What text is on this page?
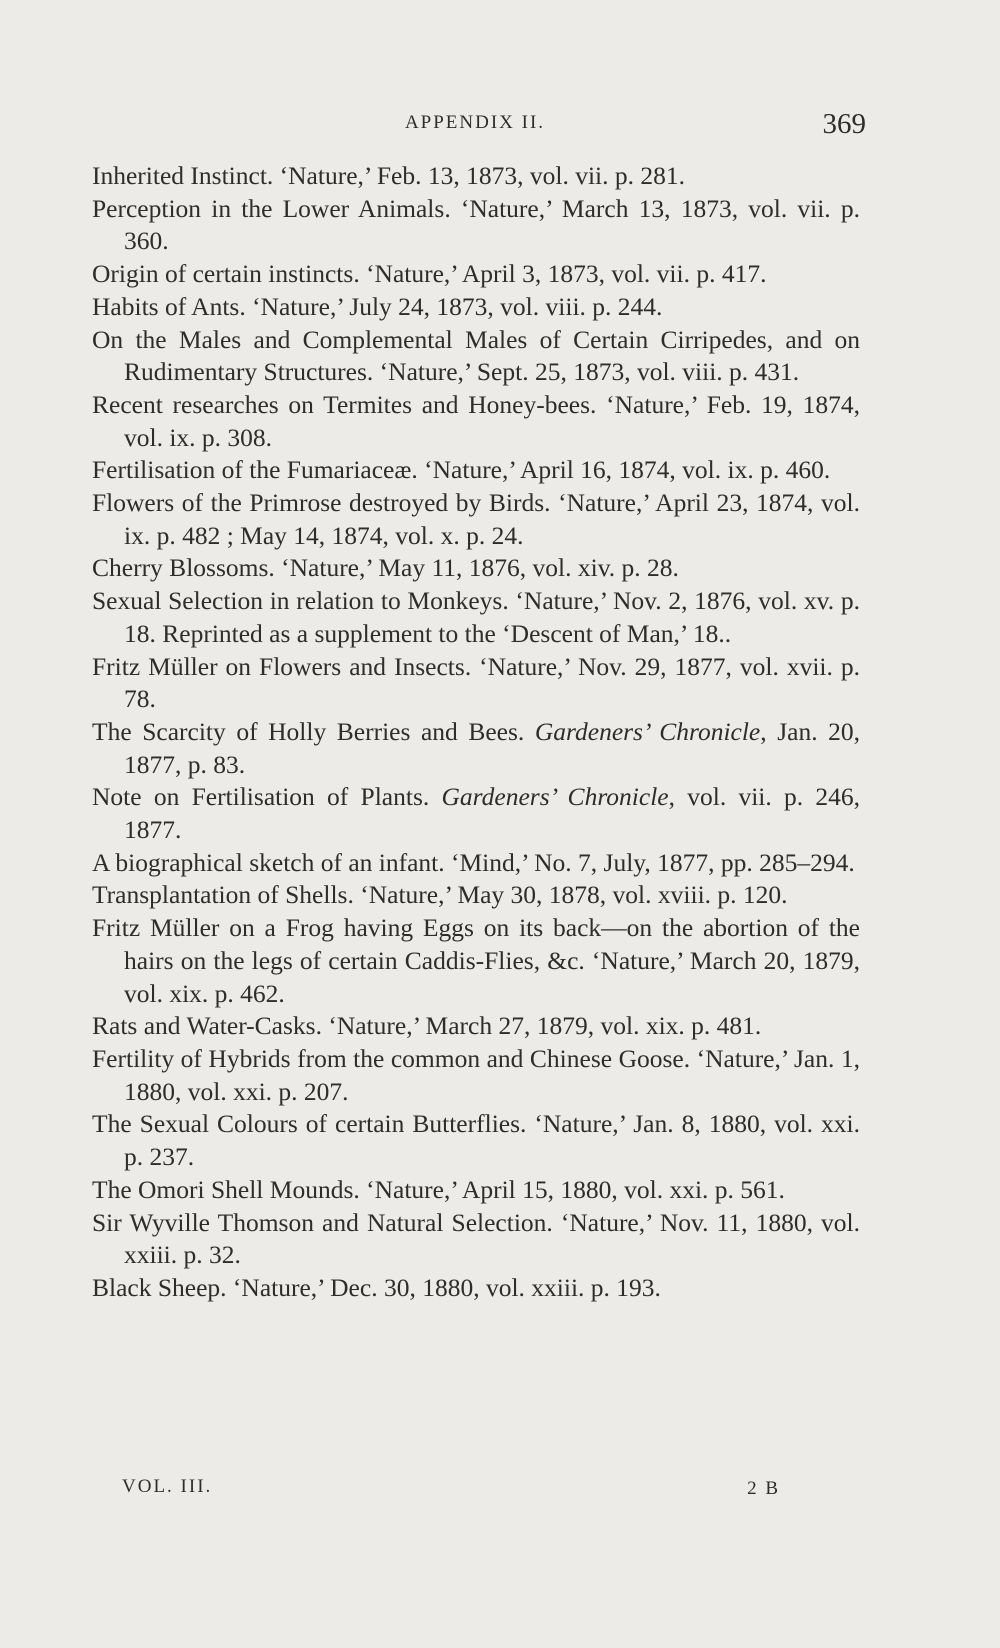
APPENDIX II.	369

Inherited Instinct. ‘Nature,’ Feb. 13, 1873, vol. vii. p. 281.

Perception in the Lower Animals. ‘Nature,’ March 13, 1873, vol. vii. p. 360.

Origin of certain instincts. ‘Nature,’ April 3, 1873, vol. vii. p. 417.

Habits of Ants. ‘Nature,’ July 24, 1873, vol. viii. p. 244.

On the Males and Complemental Males of Certain Cirripedes, and on Rudimentary Structures. ‘Nature,’ Sept. 25, 1873, vol. viii. p. 431.

Recent researches on Termites and Honey-bees. ‘Nature,’ Feb. 19, 1874, vol. ix. p. 308.

Fertilisation of the Fumariaceæ. ‘Nature,’ April 16, 1874, vol. ix. p. 460.

Flowers of the Primrose destroyed by Birds. ‘Nature,’ April 23, 1874, vol. ix. p. 482 ; May 14, 1874, vol. x. p. 24.

Cherry Blossoms. ‘Nature,’ May 11, 1876, vol. xiv. p. 28.

Sexual Selection in relation to Monkeys. ‘Nature,’ Nov. 2, 1876, vol. xv. p. 18. Reprinted as a supplement to the ‘Descent of Man,’ 18..

Fritz Müller on Flowers and Insects. ‘Nature,’ Nov. 29, 1877, vol. xvii. p. 78.

The Scarcity of Holly Berries and Bees. Gardeners’ Chronicle, Jan. 20, 1877, p. 83.

Note on Fertilisation of Plants. Gardeners’ Chronicle, vol. vii. p. 246, 1877.

A biographical sketch of an infant. ‘Mind,’ No. 7, July, 1877, pp. 285–294.

Transplantation of Shells. ‘Nature,’ May 30, 1878, vol. xviii. p. 120.

Fritz Müller on a Frog having Eggs on its back—on the abortion of the hairs on the legs of certain Caddis-Flies, &c. ‘Nature,’ March 20, 1879, vol. xix. p. 462.

Rats and Water-Casks. ‘Nature,’ March 27, 1879, vol. xix. p. 481.

Fertility of Hybrids from the common and Chinese Goose. ‘Nature,’ Jan. 1, 1880, vol. xxi. p. 207.

The Sexual Colours of certain Butterflies. ‘Nature,’ Jan. 8, 1880, vol. xxi. p. 237.

The Omori Shell Mounds. ‘Nature,’ April 15, 1880, vol. xxi. p. 561.

Sir Wyville Thomson and Natural Selection. ‘Nature,’ Nov. 11, 1880, vol. xxiii. p. 32.

Black Sheep. ‘Nature,’ Dec. 30, 1880, vol. xxiii. p. 193.

VOL. III.	2 B
